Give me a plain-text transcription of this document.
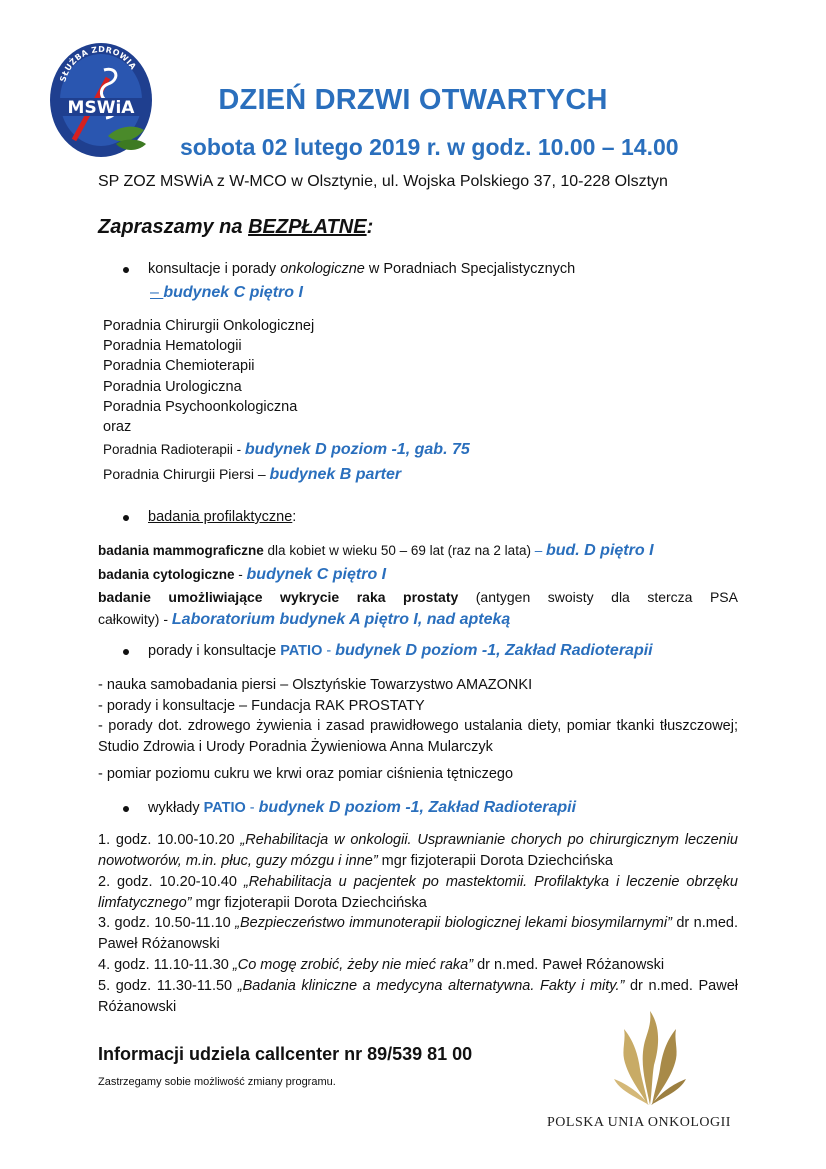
SŁUŻBA ZDROWIA
MSWiA	DZIEŃ DRZWI OTWARTYCH
sobota 02 lutego 2019 r. w godz. 10.00 – 14.00
SP ZOZ MSWiA z W-MCO w Olsztynie, ul. Wojska Polskiego 37, 10-228 Olsztyn
Zapraszamy na BEZPŁATNE:
konsultacje i porady onkologiczne w Poradniach Specjalistycznych
– budynek C piętro I
Poradnia Chirurgii Onkologicznej
Poradnia Hematologii
Poradnia Chemioterapii
Poradnia Urologiczna
Poradnia Psychoonkologiczna
oraz
Poradnia Radioterapii - budynek D poziom -1, gab. 75
Poradnia Chirurgii Piersi – budynek B parter
badania profilaktyczne:
badania mammograficzne dla kobiet w wieku 50 – 69 lat (raz na 2 lata) – bud. D piętro I
badania cytologiczne - budynek C piętro I
badanie umożliwiające wykrycie raka prostaty (antygen swoisty dla stercza PSA
całkowity) - Laboratorium budynek A piętro I, nad apteką
porady i konsultacje PATIO - budynek D poziom -1, Zakład Radioterapii
- nauka samobadania piersi – Olsztyńskie Towarzystwo AMAZONKI
- porady i konsultacje – Fundacja RAK PROSTATY
- porady dot. zdrowego żywienia i zasad prawidłowego ustalania diety, pomiar tkanki tłuszczowej; Studio Zdrowia i Urody Poradnia Żywieniowa Anna Mularczyk
- pomiar poziomu cukru we krwi oraz pomiar ciśnienia tętniczego
wykłady PATIO - budynek D poziom -1, Zakład Radioterapii
1. godz. 10.00-10.20 „Rehabilitacja w onkologii. Usprawnianie chorych po chirurgicznym leczeniu nowotworów, m.in. płuc, guzy mózgu i inne” mgr fizjoterapii Dorota Dziechcińska
2. godz. 10.20-10.40 „Rehabilitacja u pacjentek po mastektomii. Profilaktyka i leczenie obrzęku limfatycznego” mgr fizjoterapii Dorota Dziechcińska
3. godz. 10.50-11.10 „Bezpieczeństwo immunoterapii biologicznej lekami biosymilarnymi” dr n.med. Paweł Różanowski
4. godz. 11.10-11.30 „Co mogę zrobić, żeby nie mieć raka” dr n.med. Paweł Różanowski
5. godz. 11.30-11.50 „Badania kliniczne a medycyna alternatywna. Fakty i mity.” dr n.med. Paweł Różanowski
Informacji udziela callcenter nr 89/539 81 00
Zastrzegamy sobie możliwość zmiany programu.
POLSKA UNIA ONKOLOGII
